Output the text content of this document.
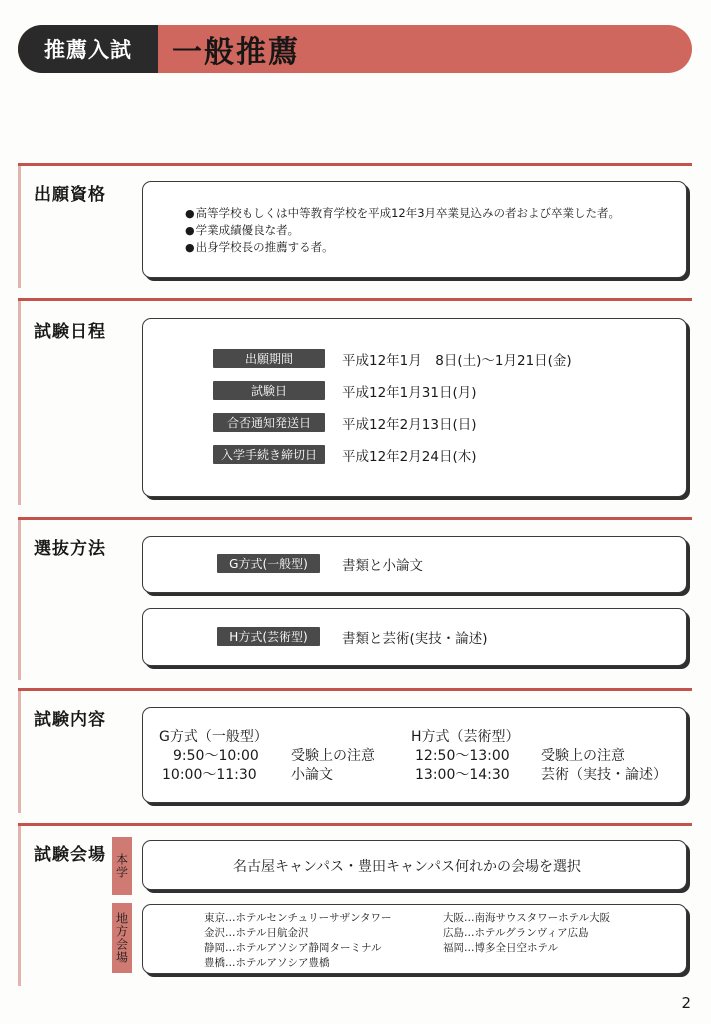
推薦入試	一般推薦
出願資格
●高等学校もしくは中等教育学校を平成12年3月卒業見込みの者および卒業した者。
●学業成績優良な者。
●出身学校長の推薦する者。
試験日程
出願期間	平成12年1月　8日(土)～1月21日(金)
試験日	平成12年1月31日(月)
合否通知発送日	平成12年2月13日(日)
入学手続き締切日	平成12年2月24日(木)
選抜方法
G方式(一般型)	書類と小論文
H方式(芸術型)	書類と芸術(実技・論述)
試験内容
G方式（一般型）
9:50～10:00 受験上の注意
10:00～11:30 小論文
H方式（芸術型）
12:50～13:00 受験上の注意
13:00～14:30 芸術（実技・論述）
試験会場 本学	名古屋キャンパス・豊田キャンパス何れかの会場を選択
地方会場	東京…ホテルセンチュリーサザンタワー
金沢…ホテル日航金沢
静岡…ホテルアソシア静岡ターミナル
豊橋…ホテルアソシア豊橋
大阪…南海サウスタワーホテル大阪
広島…ホテルグランヴィア広島
福岡…博多全日空ホテル
2
